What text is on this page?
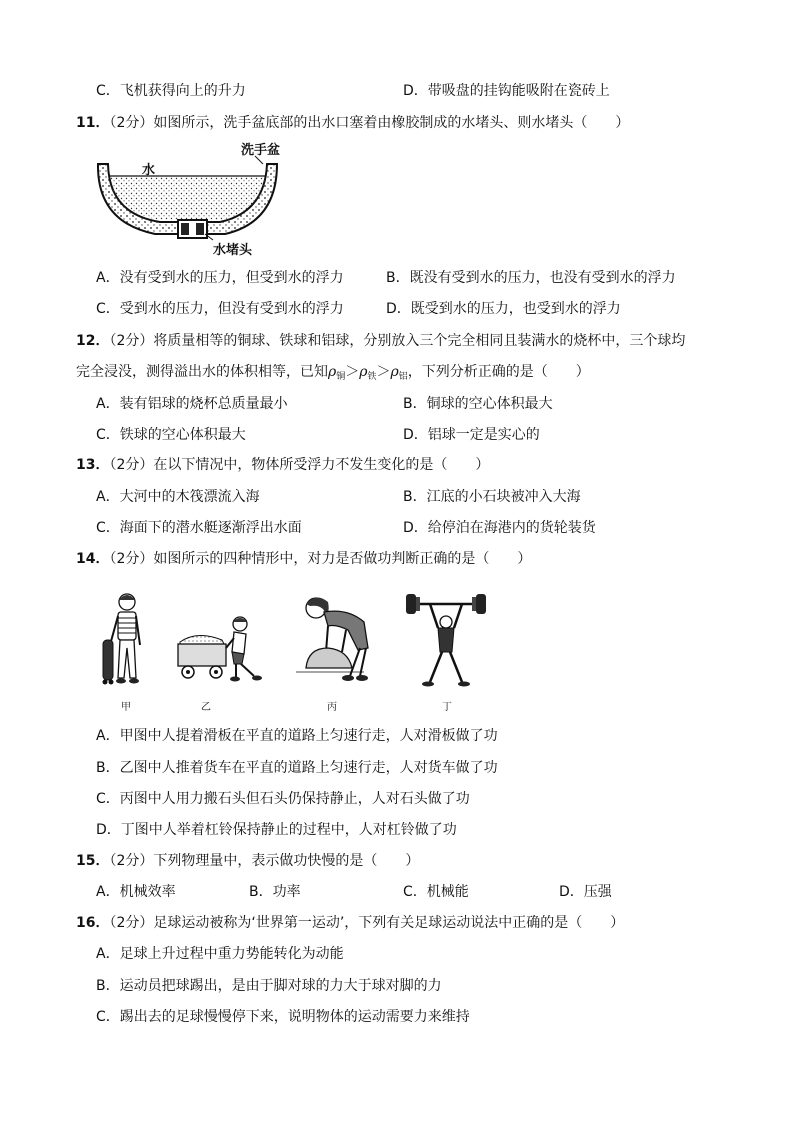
C．飞机获得向上的升力	D．带吸盘的挂钩能吸附在瓷砖上
11．（2分）如图所示，洗手盆底部的出水口塞着由橡胶制成的水堵头、则水堵头（　　）
洗手盆
水
水堵头
A．没有受到水的压力，但受到水的浮力	B．既没有受到水的压力，也没有受到水的浮力
C．受到水的压力，但没有受到水的浮力	D．既受到水的压力，也受到水的浮力
12．（2分）将质量相等的铜球、铁球和铝球，分别放入三个完全相同且装满水的烧杯中，三个球均
完全浸没，测得溢出水的体积相等，已知$\rho_铜>\rho_铁>\rho_铝$，下列分析正确的是（　　）
A．装有铝球的烧杯总质量最小	B．铜球的空心体积最大
C．铁球的空心体积最大	D．铝球一定是实心的
13．（2分）在以下情况中，物体所受浮力不发生变化的是（　　）
A．大河中的木筏漂流入海	B．江底的小石块被冲入大海
C．海面下的潜水艇逐渐浮出水面	D．给停泊在海港内的货轮装货
14．（2分）如图所示的四种情形中，对力是否做功判断正确的是（　　）
甲	乙	丙	丁
A．甲图中人提着滑板在平直的道路上匀速行走，人对滑板做了功
B．乙图中人推着货车在平直的道路上匀速行走，人对货车做了功
C．丙图中人用力搬石头但石头仍保持静止，人对石头做了功
D．丁图中人举着杠铃保持静止的过程中，人对杠铃做了功
15．（2分）下列物理量中，表示做功快慢的是（　　）
A．机械效率	B．功率	C．机械能	D．压强
16．（2分）足球运动被称为‘世界第一运动’，下列有关足球运动说法中正确的是（　　）
A．足球上升过程中重力势能转化为动能
B．运动员把球踢出，是由于脚对球的力大于球对脚的力
C．踢出去的足球慢慢停下来，说明物体的运动需要力来维持
